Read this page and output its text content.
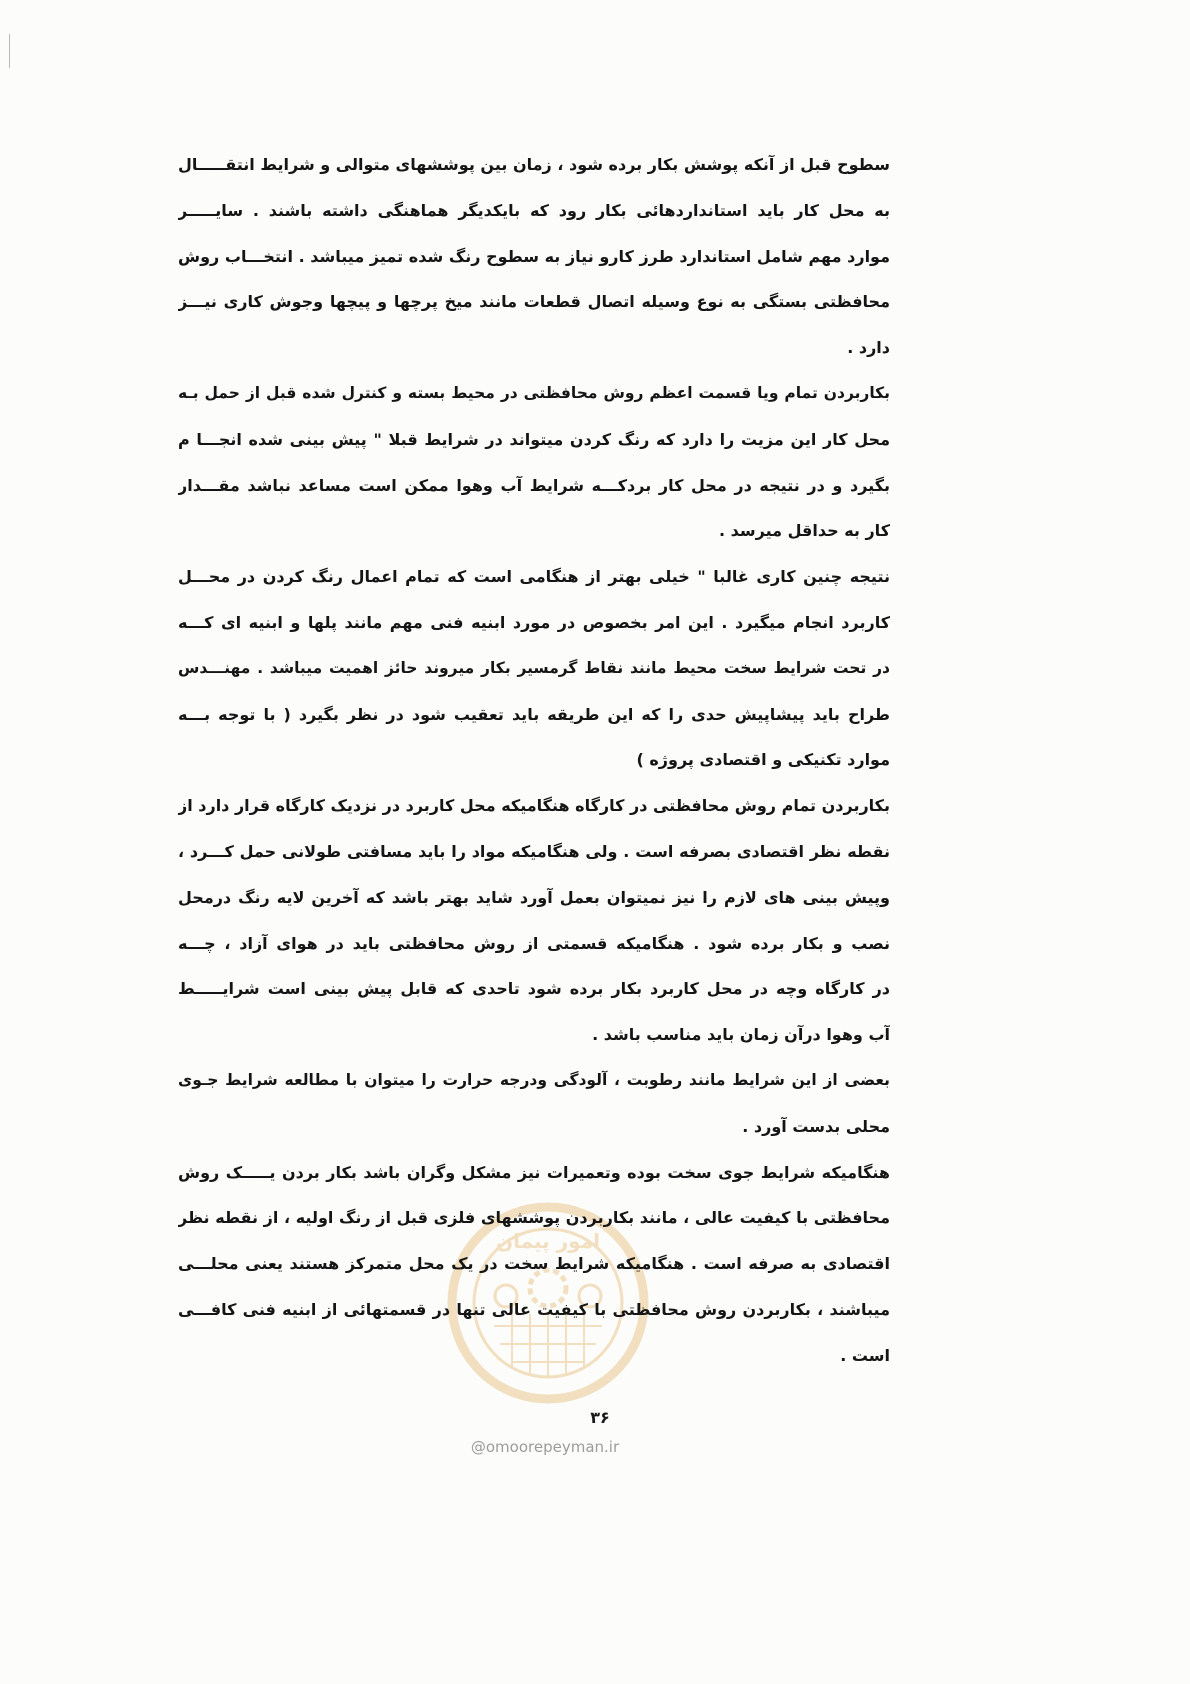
امور پیمان
سطوح قبل از آنکه پوشش بکار برده شود ، زمان بین پوششهای متوالی و شرایط انتقـــــال
به محل کار باید استانداردهائی بکار رود که بایکدیگر هماهنگی داشته باشند . سایـــــر
موارد مهم شامل استاندارد طرز کارو نیاز به سطوح رنگ شده تمیز میباشد . انتخـــاب روش
محافظتی بستگی به نوع وسیله اتصال قطعات مانند میخ پرچها و پیچها وجوش کاری نیـــز
دارد .
بکاربردن تمام ویا قسمت اعظم روش محافظتی در محیط بسته و کنترل شده قبل از حمل بـه
محل کار این مزیت را دارد که رنگ کردن میتواند در شرایط قبلا " پیش بینی شده انجـــا م
بگیرد و در نتیجه در محل کار بردکـــه شرایط آب وهوا ممکن است مساعد نباشد مقـــدار
کار به حداقل میرسد .
نتیجه چنین کاری غالبا " خیلی بهتر از هنگامی است که تمام اعمال رنگ کردن در محـــل
کاربرد انجام میگیرد . این امر بخصوص در مورد ابنیه فنی مهم مانند پلها و ابنیه ای کـــه
در تحت شرایط سخت محیط مانند نقاط گرمسیر بکار میروند حائز اهمیت میباشد . مهنـــدس
طراح باید پیشاپیش حدی را که این طریقه باید تعقیب شود در نظر بگیرد ( با توجه بـــه
موارد تکنیکی و اقتصادی پروژه )
بکاربردن تمام روش محافظتی در کارگاه هنگامیکه محل کاربرد در نزدیک کارگاه قرار دارد از
نقطه نظر اقتصادی بصرفه است . ولی هنگامیکه مواد را باید مسافتی طولانی حمل کـــرد ،
وپیش بینی های لازم را نیز نمیتوان بعمل آورد شاید بهتر باشد که آخرین لایه رنگ درمحل
نصب و بکار برده شود . هنگامیکه قسمتی از روش محافظتی باید در هوای آزاد ، چـــه
در کارگاه وچه در محل کاربرد بکار برده شود تاحدی که قابل پیش بینی است شرایـــــط
آب وهوا درآن زمان باید مناسب باشد .
بعضی از این شرایط مانند رطوبت ، آلودگی ودرجه حرارت را میتوان با مطالعه شرایط جـوی
محلی بدست آورد .
هنگامیکه شرایط جوی سخت بوده وتعمیرات نیز مشکل وگران باشد بکار بردن یـــــک روش
محافظتی با کیفیت عالی ، مانند بکاربردن پوششهای فلزی قبل از رنگ اولیه ، از نقطه نظر
اقتصادی به صرفه است . هنگامیکه شرایط سخت در یک محل متمرکز هستند یعنی محلـــی
میباشند ، بکاربردن روش محافظتی با کیفیت عالی تنها در قسمتهائی از ابنیه فنی کافـــی
است .
۳۶
@omoorepeyman.ir
